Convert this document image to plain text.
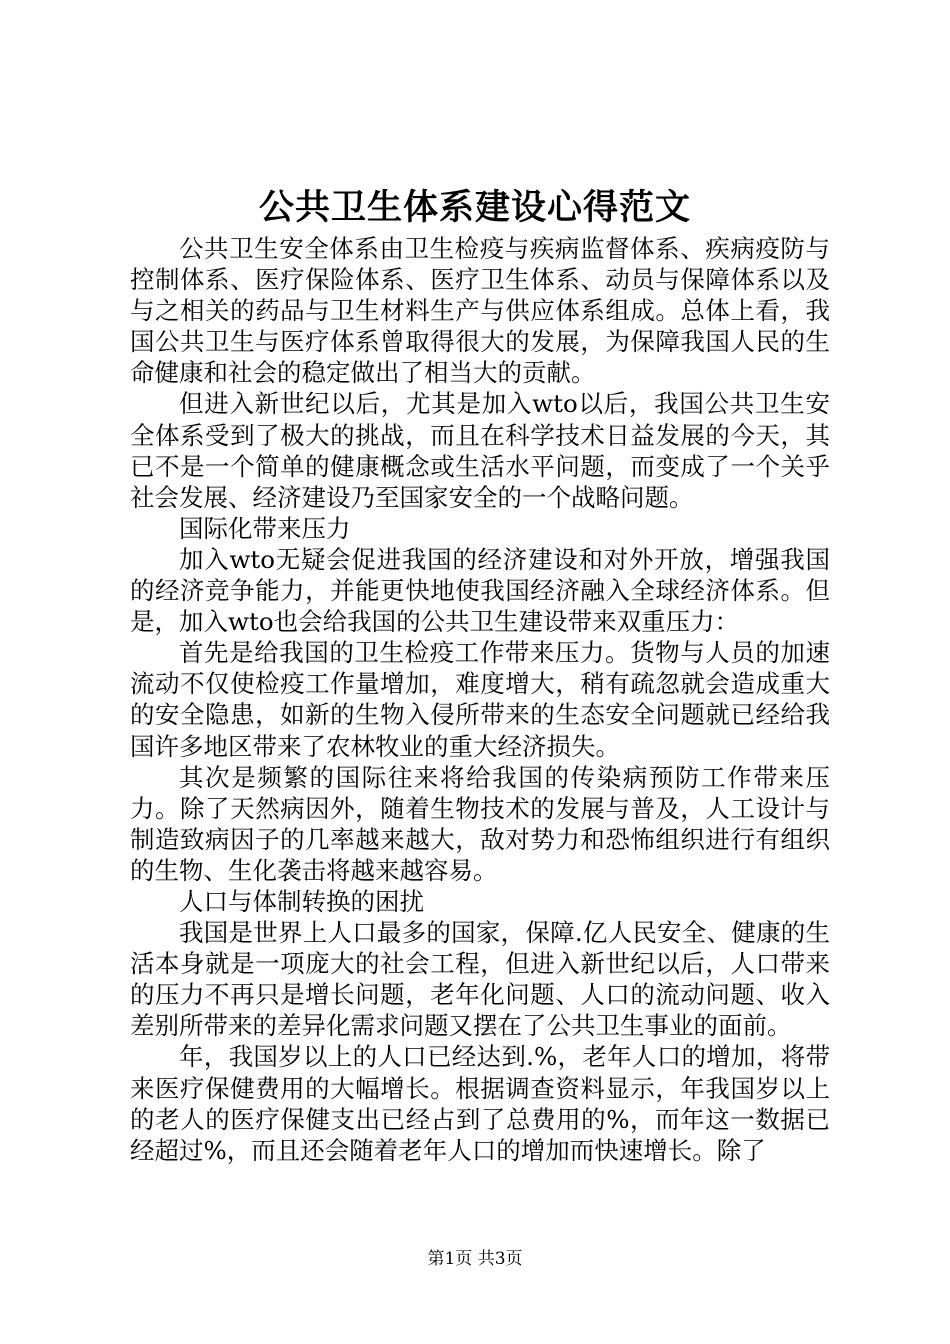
公共卫生体系建设心得范文

公共卫生安全体系由卫生检疫与疾病监督体系、疾病疫防与控制体系、医疗保险体系、医疗卫生体系、动员与保障体系以及与之相关的药品与卫生材料生产与供应体系组成。总体上看，我国公共卫生与医疗体系曾取得很大的发展，为保障我国人民的生命健康和社会的稳定做出了相当大的贡献。

但进入新世纪以后，尤其是加入wto以后，我国公共卫生安全体系受到了极大的挑战，而且在科学技术日益发展的今天，其已不是一个简单的健康概念或生活水平问题，而变成了一个关乎社会发展、经济建设乃至国家安全的一个战略问题。

国际化带来压力

加入wto无疑会促进我国的经济建设和对外开放，增强我国的经济竞争能力，并能更快地使我国经济融入全球经济体系。但是，加入wto也会给我国的公共卫生建设带来双重压力：

首先是给我国的卫生检疫工作带来压力。货物与人员的加速流动不仅使检疫工作量增加，难度增大，稍有疏忽就会造成重大的安全隐患，如新的生物入侵所带来的生态安全问题就已经给我国许多地区带来了农林牧业的重大经济损失。

其次是频繁的国际往来将给我国的传染病预防工作带来压力。除了天然病因外，随着生物技术的发展与普及，人工设计与制造致病因子的几率越来越大，敌对势力和恐怖组织进行有组织的生物、生化袭击将越来越容易。

人口与体制转换的困扰

我国是世界上人口最多的国家，保障.亿人民安全、健康的生活本身就是一项庞大的社会工程，但进入新世纪以后，人口带来的压力不再只是增长问题，老年化问题、人口的流动问题、收入差别所带来的差异化需求问题又摆在了公共卫生事业的面前。

年，我国岁以上的人口已经达到.%，老年人口的增加，将带来医疗保健费用的大幅增长。根据调查资料显示，年我国岁以上的老人的医疗保健支出已经占到了总费用的%，而年这一数据已经超过%，而且还会随着老年人口的增加而快速增长。除了

第1页 共3页
